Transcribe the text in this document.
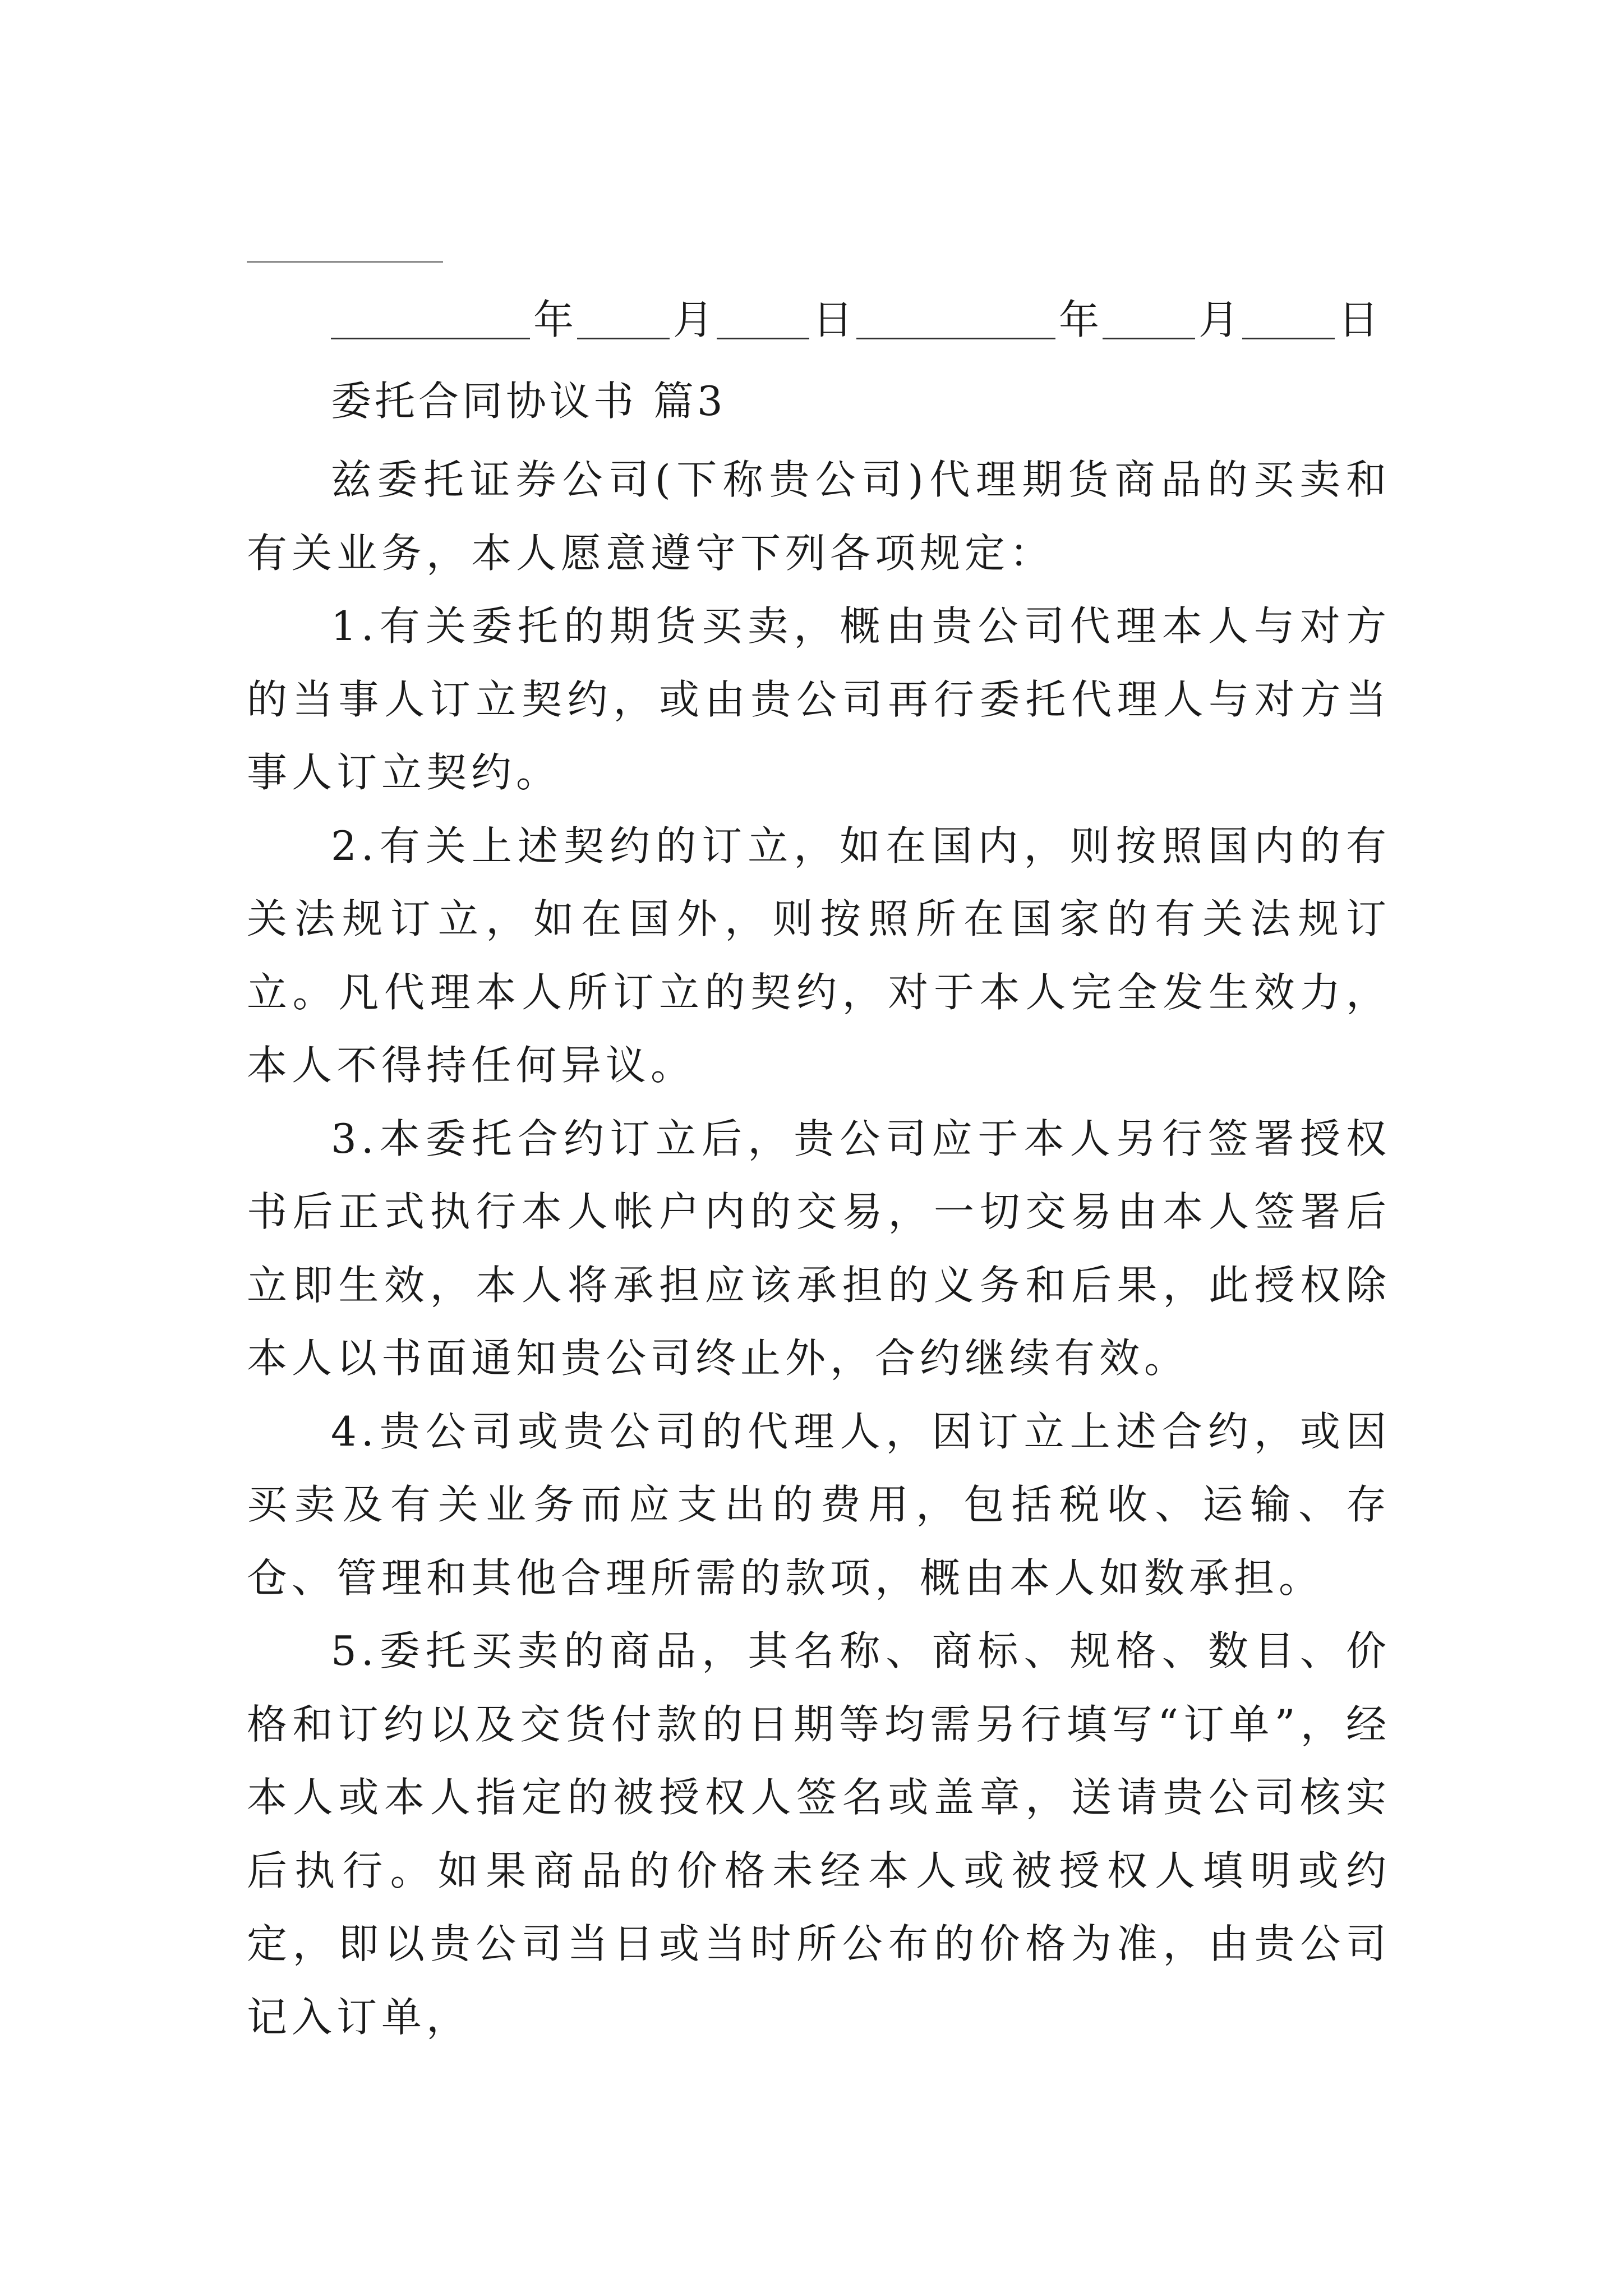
年 月 日	年 月 日
委托合同协议书 篇3

兹委托证券公司(下称贵公司)代理期货商品的买卖和有关业务，本人愿意遵守下列各项规定：

1.有关委托的期货买卖，概由贵公司代理本人与对方的当事人订立契约，或由贵公司再行委托代理人与对方当事人订立契约。

2.有关上述契约的订立，如在国内，则按照国内的有关法规订立，如在国外，则按照所在国家的有关法规订立。凡代理本人所订立的契约，对于本人完全发生效力，本人不得持任何异议。

3.本委托合约订立后，贵公司应于本人另行签署授权书后正式执行本人帐户内的交易，一切交易由本人签署后立即生效，本人将承担应该承担的义务和后果，此授权除本人以书面通知贵公司终止外，合约继续有效。

4.贵公司或贵公司的代理人，因订立上述合约，或因买卖及有关业务而应支出的费用，包括税收、运输、存仓、管理和其他合理所需的款项，概由本人如数承担。

5.委托买卖的商品，其名称、商标、规格、数目、价格和订约以及交货付款的日期等均需另行填写“订单”，经本人或本人指定的被授权人签名或盖章，送请贵公司核实后执行。如果商品的价格未经本人或被授权人填明或约定，即以贵公司当日或当时所公布的价格为准，由贵公司记入订单，
